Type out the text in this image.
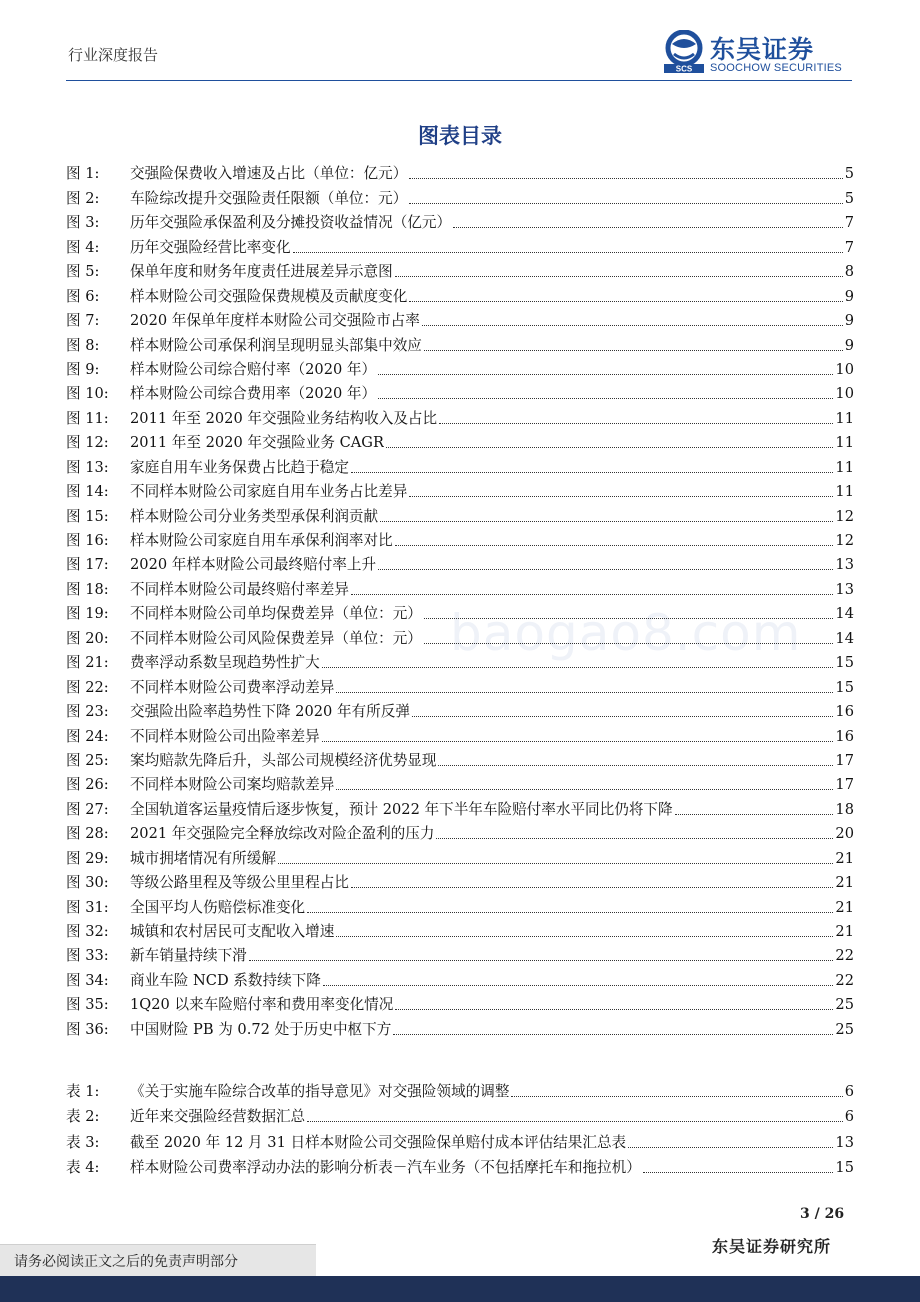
行业深度报告
SCS
东吴证券
SOOCHOW SECURITIES
图表目录
baogao8.com
图 1:	交强险保费收入增速及占比（单位：亿元）	5
图 2:	车险综改提升交强险责任限额（单位：元）	5
图 3:	历年交强险承保盈利及分摊投资收益情况（亿元）	7
图 4:	历年交强险经营比率变化	7
图 5:	保单年度和财务年度责任进展差异示意图	8
图 6:	样本财险公司交强险保费规模及贡献度变化	9
图 7:	2020 年保单年度样本财险公司交强险市占率	9
图 8:	样本财险公司承保利润呈现明显头部集中效应	9
图 9:	样本财险公司综合赔付率（2020 年）	10
图 10:	样本财险公司综合费用率（2020 年）	10
图 11:	2011 年至 2020 年交强险业务结构收入及占比	11
图 12:	2011 年至 2020 年交强险业务 CAGR	11
图 13:	家庭自用车业务保费占比趋于稳定	11
图 14:	不同样本财险公司家庭自用车业务占比差异	11
图 15:	样本财险公司分业务类型承保利润贡献	12
图 16:	样本财险公司家庭自用车承保利润率对比	12
图 17:	2020 年样本财险公司最终赔付率上升	13
图 18:	不同样本财险公司最终赔付率差异	13
图 19:	不同样本财险公司单均保费差异（单位：元）	14
图 20:	不同样本财险公司风险保费差异（单位：元）	14
图 21:	费率浮动系数呈现趋势性扩大	15
图 22:	不同样本财险公司费率浮动差异	15
图 23:	交强险出险率趋势性下降 2020 年有所反弹	16
图 24:	不同样本财险公司出险率差异	16
图 25:	案均赔款先降后升，头部公司规模经济优势显现	17
图 26:	不同样本财险公司案均赔款差异	17
图 27:	全国轨道客运量疫情后逐步恢复，预计 2022 年下半年车险赔付率水平同比仍将下降	18
图 28:	2021 年交强险完全释放综改对险企盈利的压力	20
图 29:	城市拥堵情况有所缓解	21
图 30:	等级公路里程及等级公里里程占比	21
图 31:	全国平均人伤赔偿标准变化	21
图 32:	城镇和农村居民可支配收入增速	21
图 33:	新车销量持续下滑	22
图 34:	商业车险 NCD 系数持续下降	22
图 35:	1Q20 以来车险赔付率和费用率变化情况	25
图 36:	中国财险 PB 为 0.72 处于历史中枢下方	25
表 1:	《关于实施车险综合改革的指导意见》对交强险领域的调整	6
表 2:	近年来交强险经营数据汇总	6
表 3:	截至 2020 年 12 月 31 日样本财险公司交强险保单赔付成本评估结果汇总表	13
表 4:	样本财险公司费率浮动办法的影响分析表－汽车业务（不包括摩托车和拖拉机）	15
3 / 26
东吴证券研究所
请务必阅读正文之后的免责声明部分
